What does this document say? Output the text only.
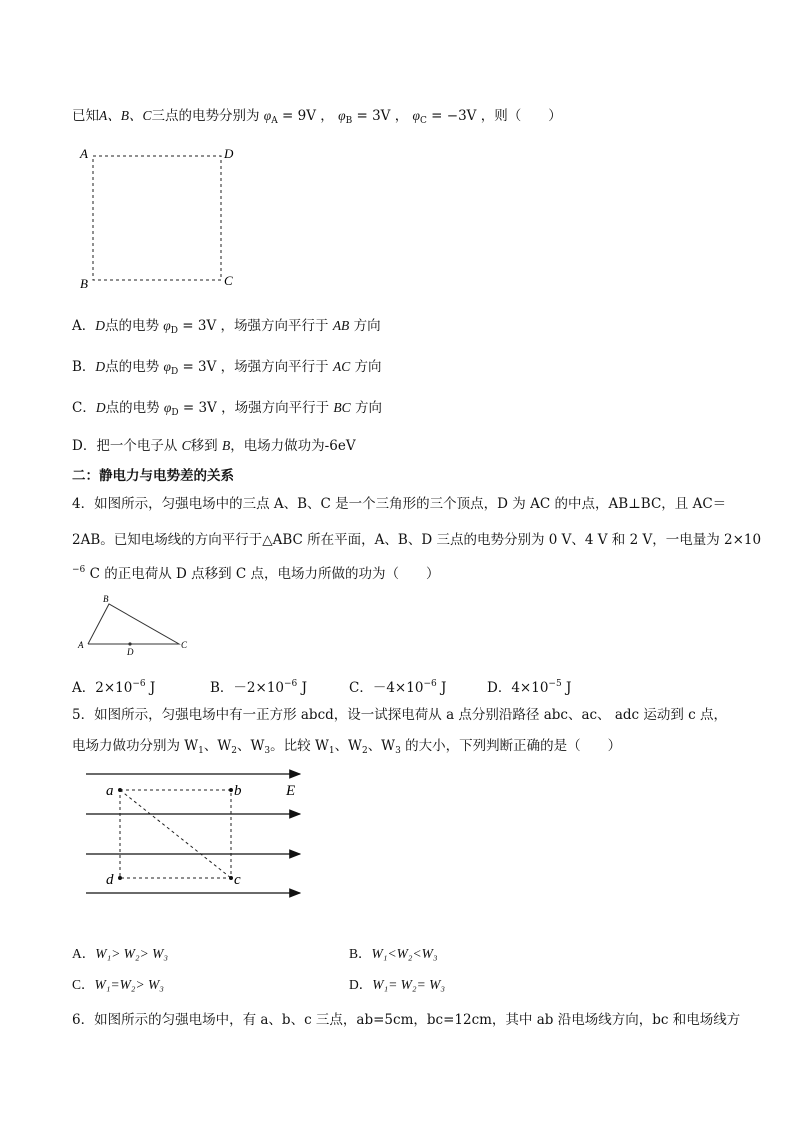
已知A、B、C三点的电势分别为 $\varphi_A = 9V$ ， $\varphi_B = 3V$ ， $\varphi_C = -3V$ ，则（　　）
A	D
B	C
A．D点的电势 $\varphi_D = 3V$ ，场强方向平行于 AB 方向
B．D点的电势 $\varphi_D = 3V$ ，场强方向平行于 AC 方向
C．D点的电势 $\varphi_D = 3V$ ，场强方向平行于 BC 方向
D．把一个电子从 C移到 B，电场力做功为-6eV
二：静电力与电势差的关系
4．如图所示，匀强电场中的三点 A、B、C 是一个三角形的三个顶点，D 为 AC 的中点，AB⊥BC，且 AC＝
2AB。已知电场线的方向平行于△ABC 所在平面，A、B、D 三点的电势分别为 0 V、4 V 和 2 V，一电量为 2×10
$^{-6}$ C 的正电荷从 D 点移到 C 点，电场力所做的功为（　　）
A
B
C
D
A．$2\times 10^{-6}$ J	B．$-2\times 10^{-6}$ J	C．$-4\times 10^{-6}$ J	D．$4\times 10^{-5}$ J
5．如图所示，匀强电场中有一正方形 abcd，设一试探电荷从 a 点分别沿路径 abc、ac、 adc 运动到 c 点，
电场力做功分别为 $W_1$、$W_2$、$W_3$。比较 $W_1$、$W_2$、$W_3$ 的大小，下列判断正确的是（　　）
a	b
c
d
E
A．W₁> W₂> W₃	B．W₁<W₂<W₃
C．W₁=W₂> W₃	D．W₁= W₂= W₃
6．如图所示的匀强电场中，有 a、b、c 三点，ab=5cm，bc=12cm，其中 ab 沿电场线方向，bc 和电场线方
